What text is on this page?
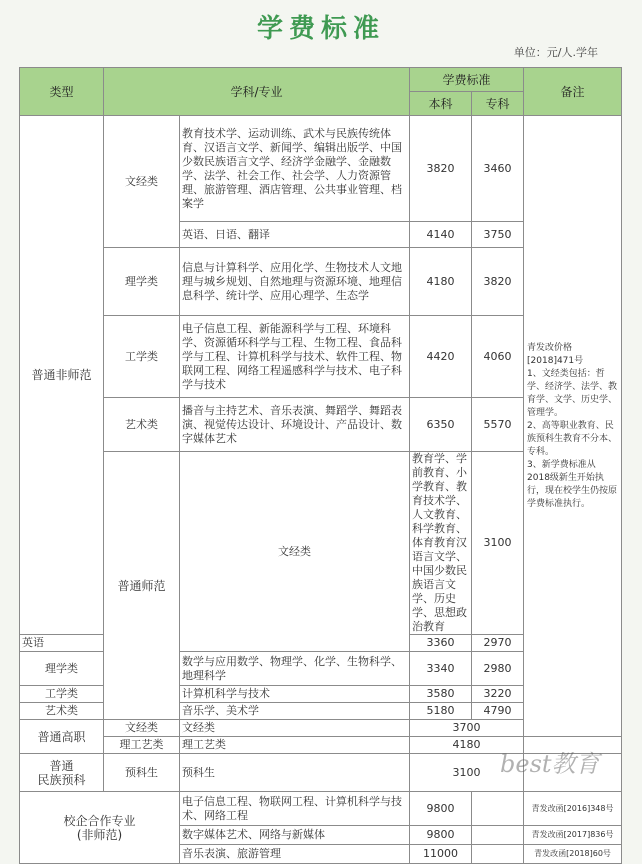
学费标准
单位：元/人.学年
类型	学科/专业		学费标准		备注	
			本科	专科		
普通非师范	文经类	教育技术学、运动训练、武术与民族传统体育、汉语言文学、新闻学、编辑出版学、中国少数民族语言文学、经济学金融学、金融数学、法学、社会工作、社会学、人力资源管理、旅游管理、酒店管理、公共事业管理、档案学	3820	3460	青发改价格[2018]471号
1、文经类包括：哲学、经济学、法学、教育学、文学、历史学、管理学。
2、高等职业教育、民族预科生教育不分本、专科。
3、新学费标准从2018级新生开始执行，现在校学生仍按原学费标准执行。	
		英语、日语、翻译	4140	3750		
	理学类	信息与计算科学、应用化学、生物技术人文地理与城乡规划、自然地理与资源环境、地理信息科学、统计学、应用心理学、生态学	4180	3820		
	工学类	电子信息工程、新能源科学与工程、环境科学、资源循环科学与工程、生物工程、食品科学与工程、计算机科学与技术、软件工程、物联网工程、网络工程遥感科学与技术、电子科学与技术	4420	4060		
	艺术类	播音与主持艺术、音乐表演、舞蹈学、舞蹈表演、视觉传达设计、环境设计、产品设计、数字媒体艺术	6350	5570		
	普通师范	文经类	教育学、学前教育、小学教育、教育技术学、人文教育、科学教育、体育教育汉语言文学、中国少数民族语言文学、历史学、思想政治教育	3100	
英语			3360	2970		
理学类		数学与应用数学、物理学、化学、生物科学、地理科学	3340	2980		
工学类		计算机科学与技术	3580	3220		
艺术类		音乐学、美术学	5180	4790		
普通高职	文经类	文经类	3700			
	理工艺类	理工艺类	4180			
普通
民族预科	预科生	预科生	3100			
校企合作专业
(非师范)		电子信息工程、物联网工程、计算机科学与技术、网络工程	9800		青发改函[2016]348号	
		数字媒体艺术、网络与新媒体	9800		青发改函[2017]836号	
		音乐表演、旅游管理	11000		青发改函[2018]60号	
best教育
